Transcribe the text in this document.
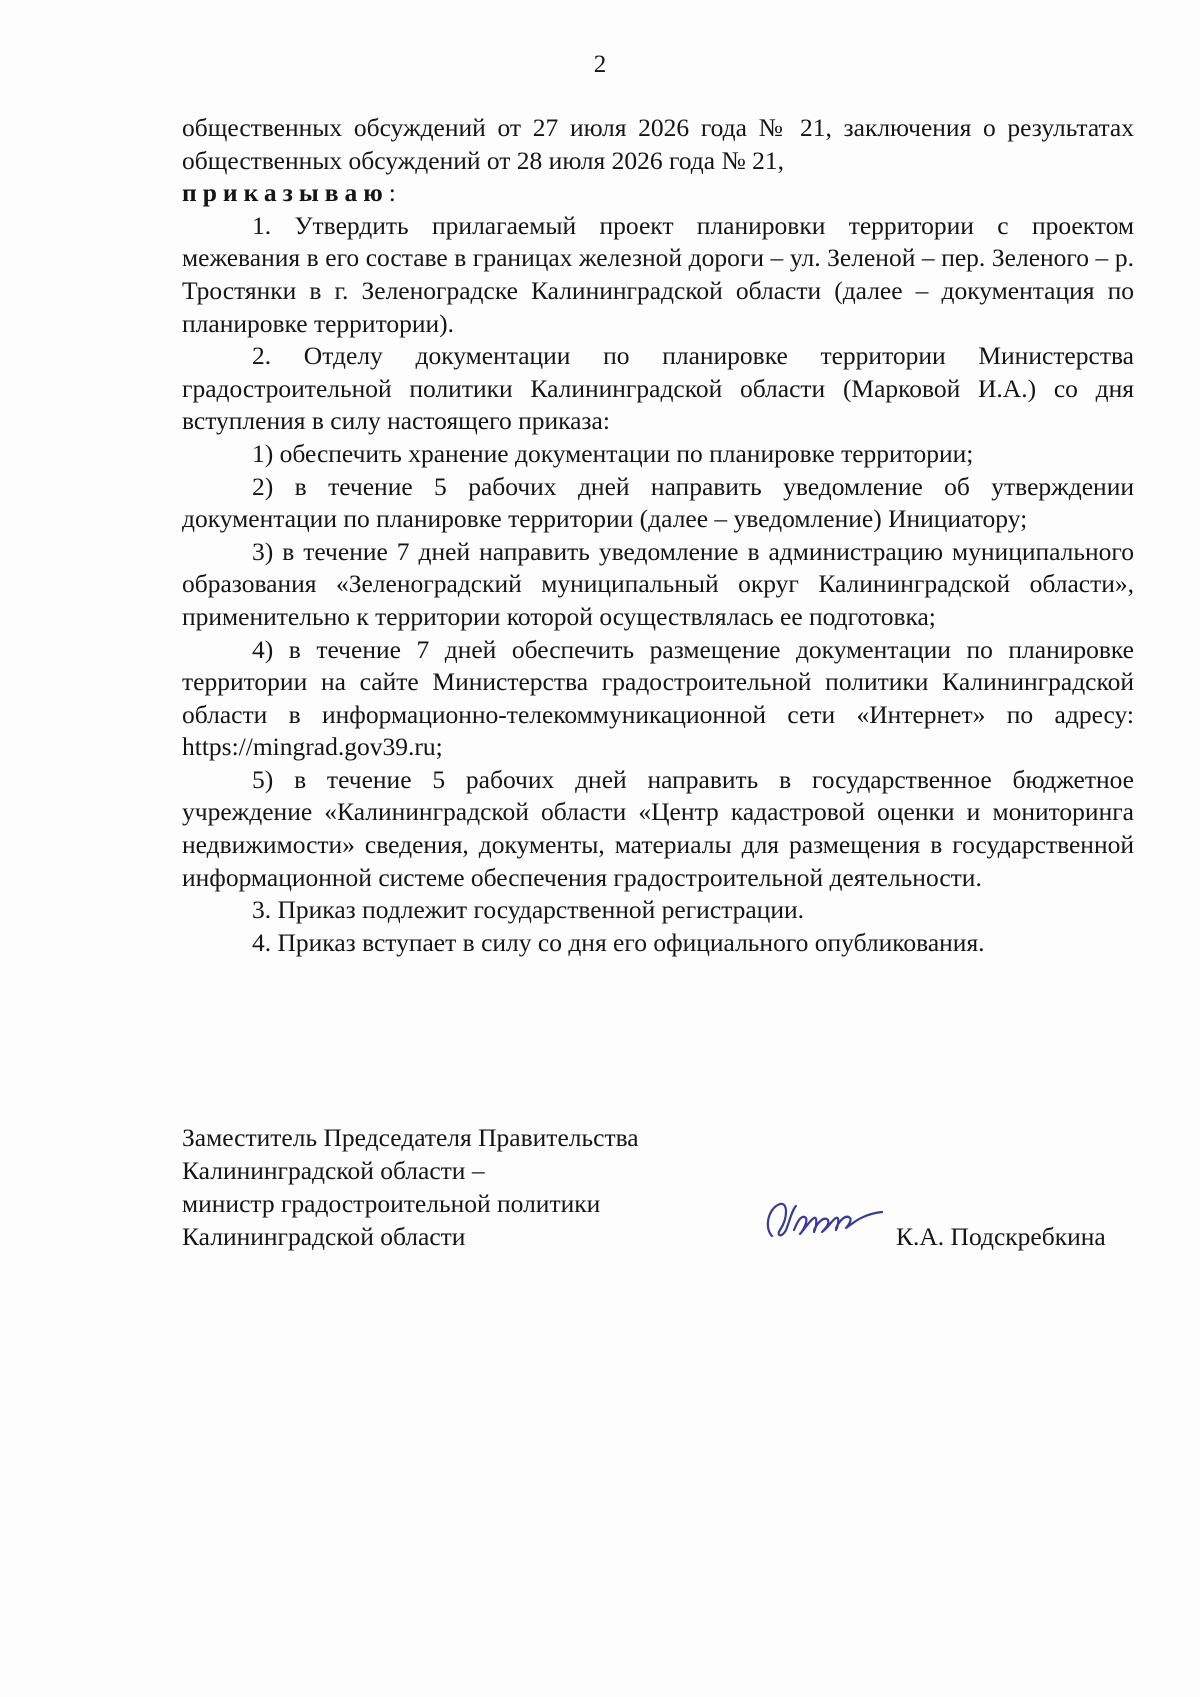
2

общественных обсуждений от 27 июля 2026 года № 21, заключения о результатах общественных обсуждений от 28 июля 2026 года № 21,
приказываю:

1. Утвердить прилагаемый проект планировки территории с проектом межевания в его составе в границах железной дороги – ул. Зеленой – пер. Зеленого – р. Тростянки в г. Зеленоградске Калининградской области (далее – документация по планировке территории).

2. Отделу документации по планировке территории Министерства градостроительной политики Калининградской области (Марковой И.А.) со дня вступления в силу настоящего приказа:

1) обеспечить хранение документации по планировке территории;

2) в течение 5 рабочих дней направить уведомление об утверждении документации по планировке территории (далее – уведомление) Инициатору;

3) в течение 7 дней направить уведомление в администрацию муниципального образования «Зеленоградский муниципальный округ Калининградской области», применительно к территории которой осуществлялась ее подготовка;

4) в течение 7 дней обеспечить размещение документации по планировке территории на сайте Министерства градостроительной политики Калининградской области в информационно-телекоммуникационной сети «Интернет» по адресу: https://mingrad.gov39.ru;

5) в течение 5 рабочих дней направить в государственное бюджетное учреждение «Калининградской области «Центр кадастровой оценки и мониторинга недвижимости» сведения, документы, материалы для размещения в государственной информационной системе обеспечения градостроительной деятельности.

3. Приказ подлежит государственной регистрации.

4. Приказ вступает в силу со дня его официального опубликования.

Заместитель Председателя Правительства
Калининградской области –
министр градостроительной политики
Калининградской области	К.А. Подскребкина
